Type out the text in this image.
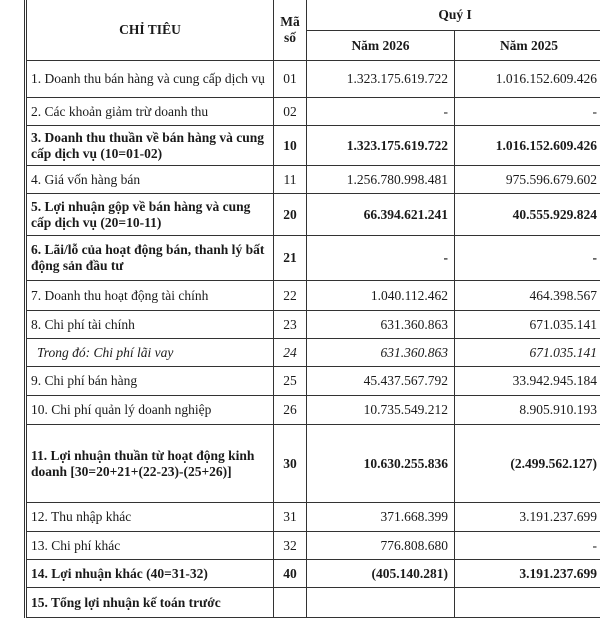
CHỈ TIÊU	Mã số	Quý I	
		Năm 2026	Năm 2025
1. Doanh thu bán hàng và cung cấp dịch vụ	01	1.323.175.619.722	1.016.152.609.426
2. Các khoản giảm trừ doanh thu	02	-	-
3. Doanh thu thuần về bán hàng và cung cấp dịch vụ (10=01-02)	10	1.323.175.619.722	1.016.152.609.426
4. Giá vốn hàng bán	11	1.256.780.998.481	975.596.679.602
5. Lợi nhuận gộp về bán hàng và cung cấp dịch vụ (20=10-11)	20	66.394.621.241	40.555.929.824
6. Lãi/lỗ của hoạt động bán, thanh lý bất động sản đầu tư	21	-	-
7. Doanh thu hoạt động tài chính	22	1.040.112.462	464.398.567
8. Chi phí tài chính	23	631.360.863	671.035.141
Trong đó: Chi phí lãi vay	24	631.360.863	671.035.141
9. Chi phí bán hàng	25	45.437.567.792	33.942.945.184
10. Chi phí quản lý doanh nghiệp	26	10.735.549.212	8.905.910.193
11. Lợi nhuận thuần từ hoạt động kinh doanh [30=20+21+(22-23)-(25+26)]	30	10.630.255.836	(2.499.562.127)
12. Thu nhập khác	31	371.668.399	3.191.237.699
13. Chi phí khác	32	776.808.680	-
14. Lợi nhuận khác (40=31-32)	40	(405.140.281)	3.191.237.699
15. Tổng lợi nhuận kế toán trước			
